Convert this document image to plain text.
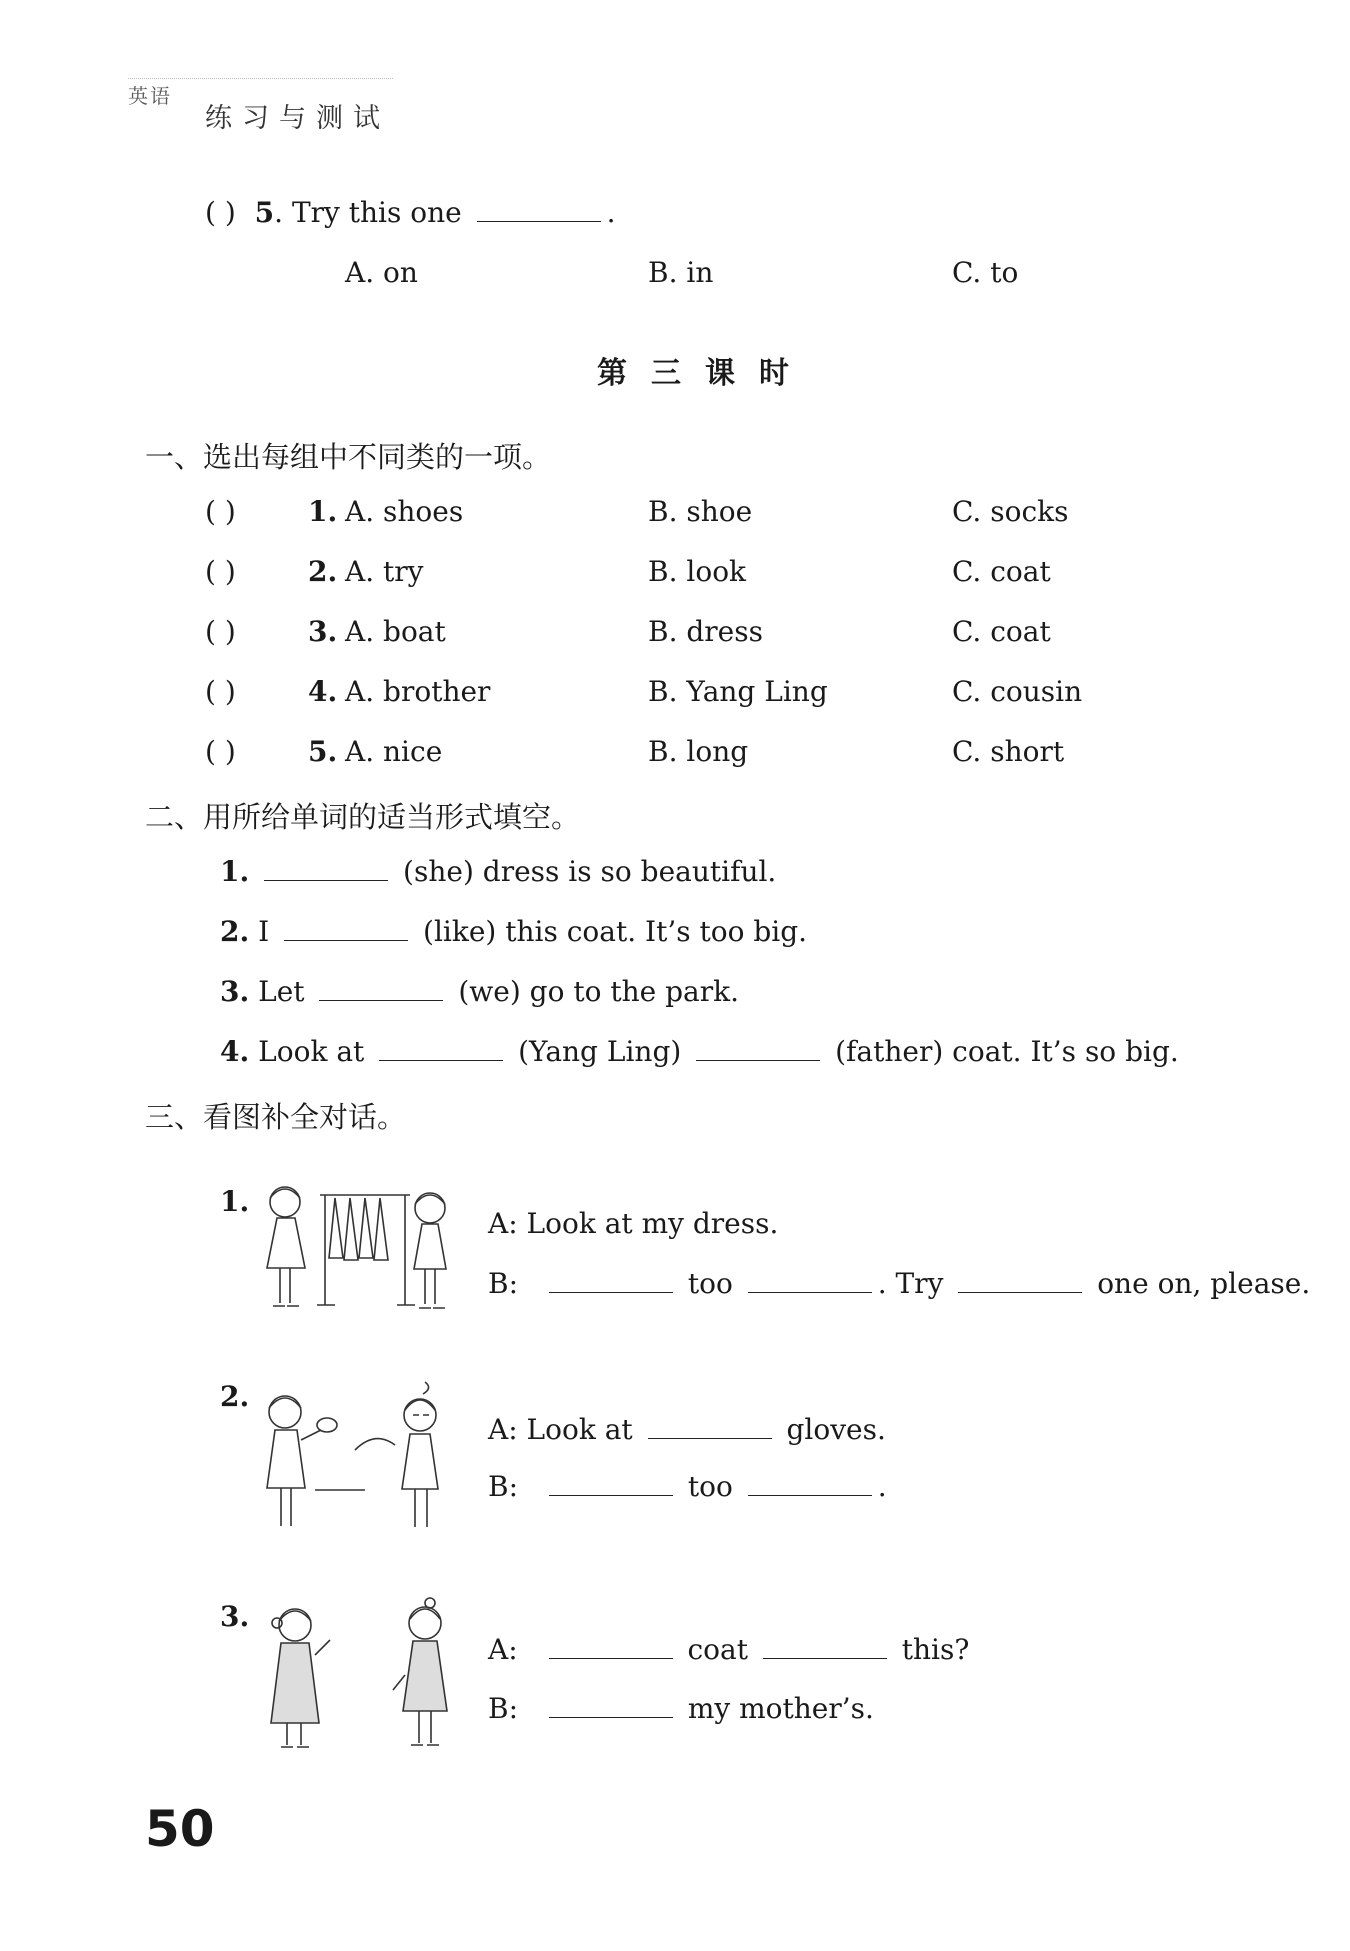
英语
练习与测试
( ) 5. Try this one	.
A. on	B. in	C. to
第三课时
一、选出每组中不同类的一项。
( )	1. A. shoes	B. shoe	C. socks
( )	2. A. try	B. look	C. coat
( )	3. A. boat	B. dress	C. coat
( )	4. A. brother	B. Yang Ling	C. cousin
( )	5. A. nice	B. long	C. short
二、用所给单词的适当形式填空。
1.	(she) dress is so beautiful.
2. I	(like) this coat. It’s too big.
3. Let	(we) go to the park.
4. Look at	(Yang Ling)	(father) coat. It’s so big.
三、看图补全对话。
1.
A: Look at my dress.
B:	too	. Try	one on, please.
2.
A: Look at	gloves.
B:	too	.
3.
A:	coat	this?
B:	my mother’s.
50
